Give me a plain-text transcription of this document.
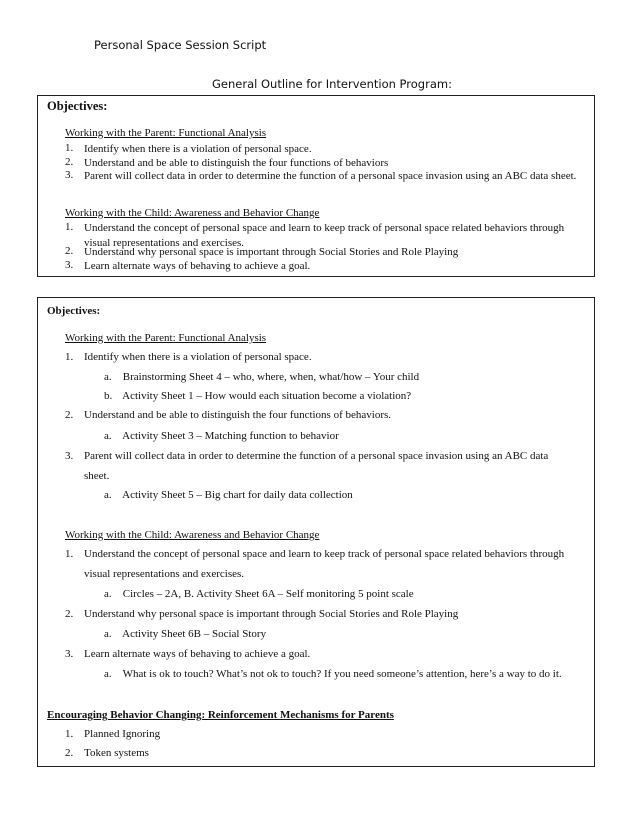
Personal Space Session Script
General Outline for Intervention Program:
Objectives:
Working with the Parent: Functional Analysis
1. Identify when there is a violation of personal space.
2. Understand and be able to distinguish the four functions of behaviors
3. Parent will collect data in order to determine the function of a personal space invasion using an ABC data sheet.
Working with the Child: Awareness and Behavior Change
1. Understand the concept of personal space and learn to keep track of personal space related behaviors through visual representations and exercises.
2. Understand why personal space is important through Social Stories and Role Playing
3. Learn alternate ways of behaving to achieve a goal.
Objectives:
Working with the Parent: Functional Analysis
1. Identify when there is a violation of personal space.
a. Brainstorming Sheet 4 – who, where, when, what/how – Your child
b. Activity Sheet 1 – How would each situation become a violation?
2. Understand and be able to distinguish the four functions of behaviors.
a. Activity Sheet 3 – Matching function to behavior
3. Parent will collect data in order to determine the function of a personal space invasion using an ABC data
sheet.
a. Activity Sheet 5 – Big chart for daily data collection
Working with the Child: Awareness and Behavior Change
1. Understand the concept of personal space and learn to keep track of personal space related behaviors through
visual representations and exercises.
a. Circles – 2A, B. Activity Sheet 6A – Self monitoring 5 point scale
2. Understand why personal space is important through Social Stories and Role Playing
a. Activity Sheet 6B – Social Story
3. Learn alternate ways of behaving to achieve a goal.
a. What is ok to touch? What’s not ok to touch? If you need someone’s attention, here’s a way to do it.
Encouraging Behavior Changing: Reinforcement Mechanisms for Parents
1. Planned Ignoring
2. Token systems
